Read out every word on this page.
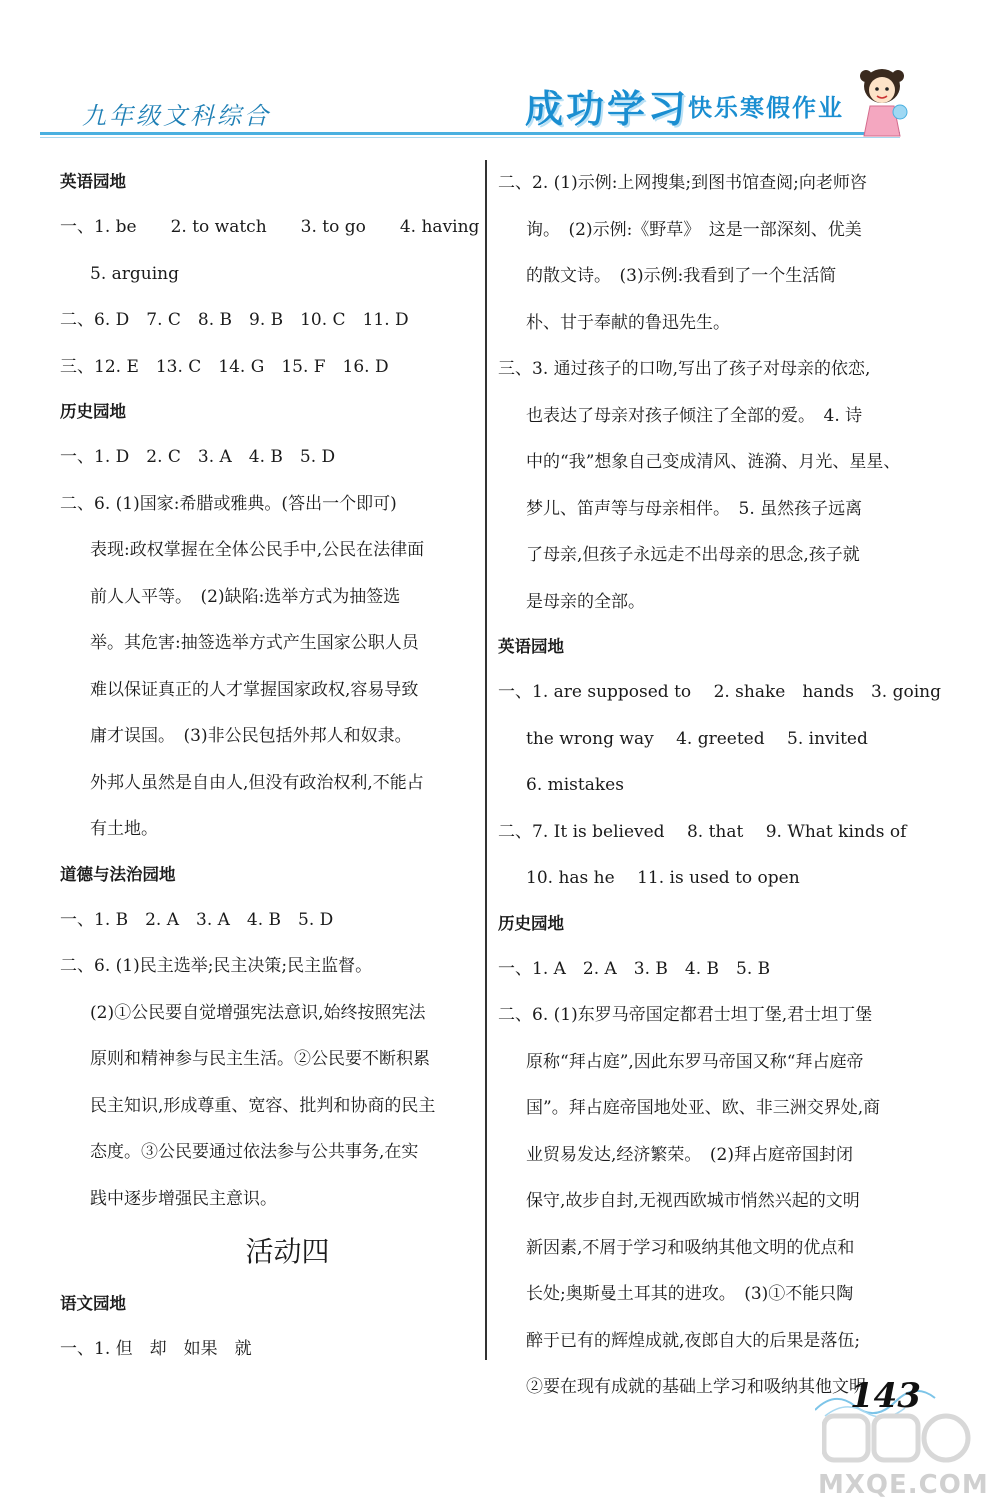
九年级文科综合	成功学习
快乐寒假作业
英语园地
一、1. be　　2. to watch　　3. to go　　4. having
5. arguing
二、6. D　7. C　8. B　9. B　10. C　11. D
三、12. E　13. C　14. G　15. F　16. D
历史园地
一、1. D　2. C　3. A　4. B　5. D
二、6. (1)国家:希腊或雅典。(答出一个即可)
表现:政权掌握在全体公民手中,公民在法律面
前人人平等。　(2)缺陷:选举方式为抽签选
举。其危害:抽签选举方式产生国家公职人员
难以保证真正的人才掌握国家政权,容易导致
庸才误国。　(3)非公民包括外邦人和奴隶。
外邦人虽然是自由人,但没有政治权利,不能占
有土地。
道德与法治园地
一、1. B　2. A　3. A　4. B　5. D
二、6. (1)民主选举;民主决策;民主监督。
(2)①公民要自觉增强宪法意识,始终按照宪法
原则和精神参与民主生活。②公民要不断积累
民主知识,形成尊重、宽容、批判和协商的民主
态度。③公民要通过依法参与公共事务,在实
践中逐步增强民主意识。
活动四
语文园地
一、1. 但　却　如果　就
二、2. (1)示例:上网搜集;到图书馆查阅;向老师咨
询。　(2)示例:《野草》　这是一部深刻、优美
的散文诗。　(3)示例:我看到了一个生活简
朴、甘于奉献的鲁迅先生。
三、3. 通过孩子的口吻,写出了孩子对母亲的依恋,
也表达了母亲对孩子倾注了全部的爱。　4. 诗
中的“我”想象自己变成清风、涟漪、月光、星星、
梦儿、笛声等与母亲相伴。　5. 虽然孩子远离
了母亲,但孩子永远走不出母亲的思念,孩子就
是母亲的全部。
英语园地
一、1. are supposed to　 2. shake　hands　3. going
the wrong way　 4. greeted　 5. invited
6. mistakes
二、7. It is believed　 8. that　 9. What kinds of
10. has he　 11. is used to open
历史园地
一、1. A　2. A　3. B　4. B　5. B
二、6. (1)东罗马帝国定都君士坦丁堡,君士坦丁堡
原称“拜占庭”,因此东罗马帝国又称“拜占庭帝
国”。拜占庭帝国地处亚、欧、非三洲交界处,商
业贸易发达,经济繁荣。　(2)拜占庭帝国封闭
保守,故步自封,无视西欧城市悄然兴起的文明
新因素,不屑于学习和吸纳其他文明的优点和
长处;奥斯曼土耳其的进攻。　(3)①不能只陶
醉于已有的辉煌成就,夜郎自大的后果是落伍;
②要在现有成就的基础上学习和吸纳其他文明
143
MXQE.COM
